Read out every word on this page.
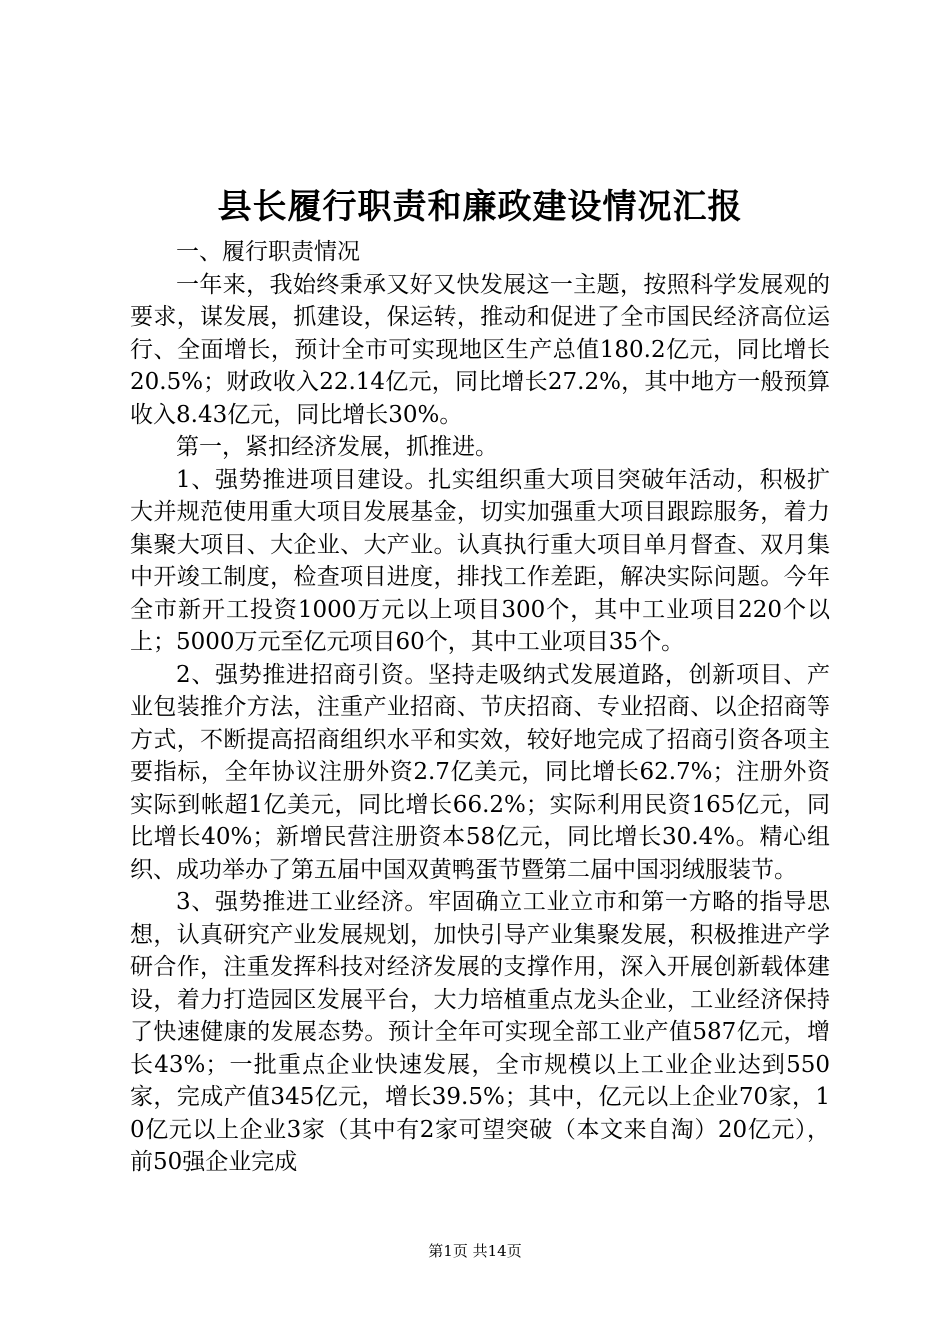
县长履行职责和廉政建设情况汇报

一、履行职责情况

一年来，我始终秉承又好又快发展这一主题，按照科学发展观的要求，谋发展，抓建设，保运转，推动和促进了全市国民经济高位运行、全面增长，预计全市可实现地区生产总值180.2亿元，同比增长20.5%；财政收入22.14亿元，同比增长27.2%，其中地方一般预算收入8.43亿元，同比增长30%。

第一，紧扣经济发展，抓推进。

1、强势推进项目建设。扎实组织重大项目突破年活动，积极扩大并规范使用重大项目发展基金，切实加强重大项目跟踪服务，着力集聚大项目、大企业、大产业。认真执行重大项目单月督查、双月集中开竣工制度，检查项目进度，排找工作差距，解决实际问题。今年全市新开工投资1000万元以上项目300个，其中工业项目220个以上；5000万元至亿元项目60个，其中工业项目35个。

2、强势推进招商引资。坚持走吸纳式发展道路，创新项目、产业包装推介方法，注重产业招商、节庆招商、专业招商、以企招商等方式，不断提高招商组织水平和实效，较好地完成了招商引资各项主要指标，全年协议注册外资2.7亿美元，同比增长62.7%；注册外资实际到帐超1亿美元，同比增长66.2%；实际利用民资165亿元，同比增长40%；新增民营注册资本58亿元，同比增长30.4%。精心组织、成功举办了第五届中国双黄鸭蛋节暨第二届中国羽绒服装节。

3、强势推进工业经济。牢固确立工业立市和第一方略的指导思想，认真研究产业发展规划，加快引导产业集聚发展，积极推进产学研合作，注重发挥科技对经济发展的支撑作用，深入开展创新载体建设，着力打造园区发展平台，大力培植重点龙头企业，工业经济保持了快速健康的发展态势。预计全年可实现全部工业产值587亿元，增长43%；一批重点企业快速发展，全市规模以上工业企业达到550家，完成产值345亿元，增长39.5%；其中，亿元以上企业70家，10亿元以上企业3家（其中有2家可望突破（本文来自淘）20亿元），前50强企业完成

第1页 共14页
